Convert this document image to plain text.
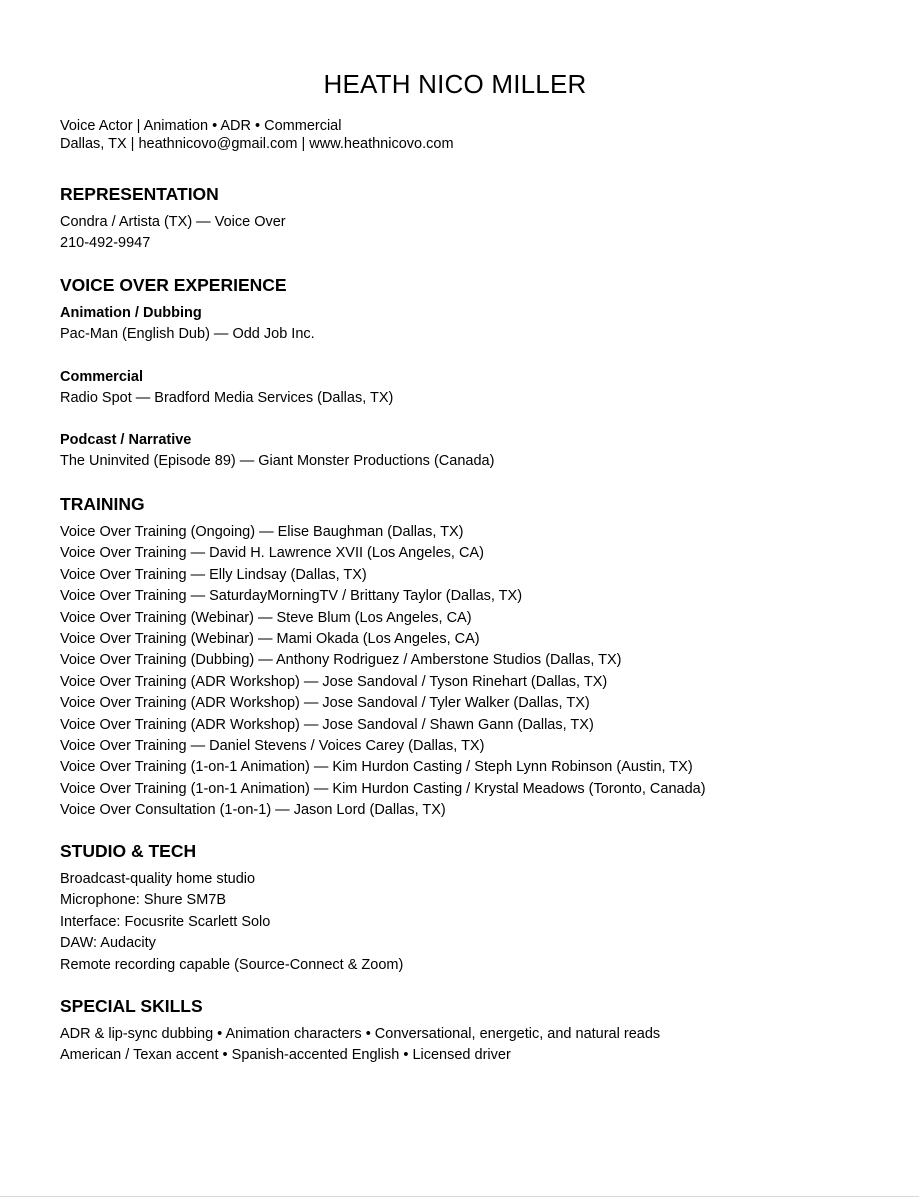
HEATH NICO MILLER
Voice Actor | Animation • ADR • Commercial
Dallas, TX | heathnicovo@gmail.com | www.heathnicovo.com
REPRESENTATION
Condra / Artista (TX) — Voice Over
210-492-9947
VOICE OVER EXPERIENCE
Animation / Dubbing
Pac-Man (English Dub) — Odd Job Inc.
Commercial
Radio Spot — Bradford Media Services (Dallas, TX)
Podcast / Narrative
The Uninvited (Episode 89) — Giant Monster Productions (Canada)
TRAINING
Voice Over Training (Ongoing) — Elise Baughman (Dallas, TX)
Voice Over Training — David H. Lawrence XVII (Los Angeles, CA)
Voice Over Training — Elly Lindsay (Dallas, TX)
Voice Over Training — SaturdayMorningTV / Brittany Taylor (Dallas, TX)
Voice Over Training (Webinar) — Steve Blum (Los Angeles, CA)
Voice Over Training (Webinar) — Mami Okada (Los Angeles, CA)
Voice Over Training (Dubbing) — Anthony Rodriguez / Amberstone Studios (Dallas, TX)
Voice Over Training (ADR Workshop) — Jose Sandoval / Tyson Rinehart (Dallas, TX)
Voice Over Training (ADR Workshop) — Jose Sandoval / Tyler Walker (Dallas, TX)
Voice Over Training (ADR Workshop) — Jose Sandoval / Shawn Gann (Dallas, TX)
Voice Over Training — Daniel Stevens / Voices Carey (Dallas, TX)
Voice Over Training (1-on-1 Animation) — Kim Hurdon Casting / Steph Lynn Robinson (Austin, TX)
Voice Over Training (1-on-1 Animation) — Kim Hurdon Casting / Krystal Meadows (Toronto, Canada)
Voice Over Consultation (1-on-1) — Jason Lord (Dallas, TX)
STUDIO & TECH
Broadcast-quality home studio
Microphone: Shure SM7B
Interface: Focusrite Scarlett Solo
DAW: Audacity
Remote recording capable (Source-Connect & Zoom)
SPECIAL SKILLS
ADR & lip-sync dubbing • Animation characters • Conversational, energetic, and natural reads
American / Texan accent • Spanish-accented English • Licensed driver
